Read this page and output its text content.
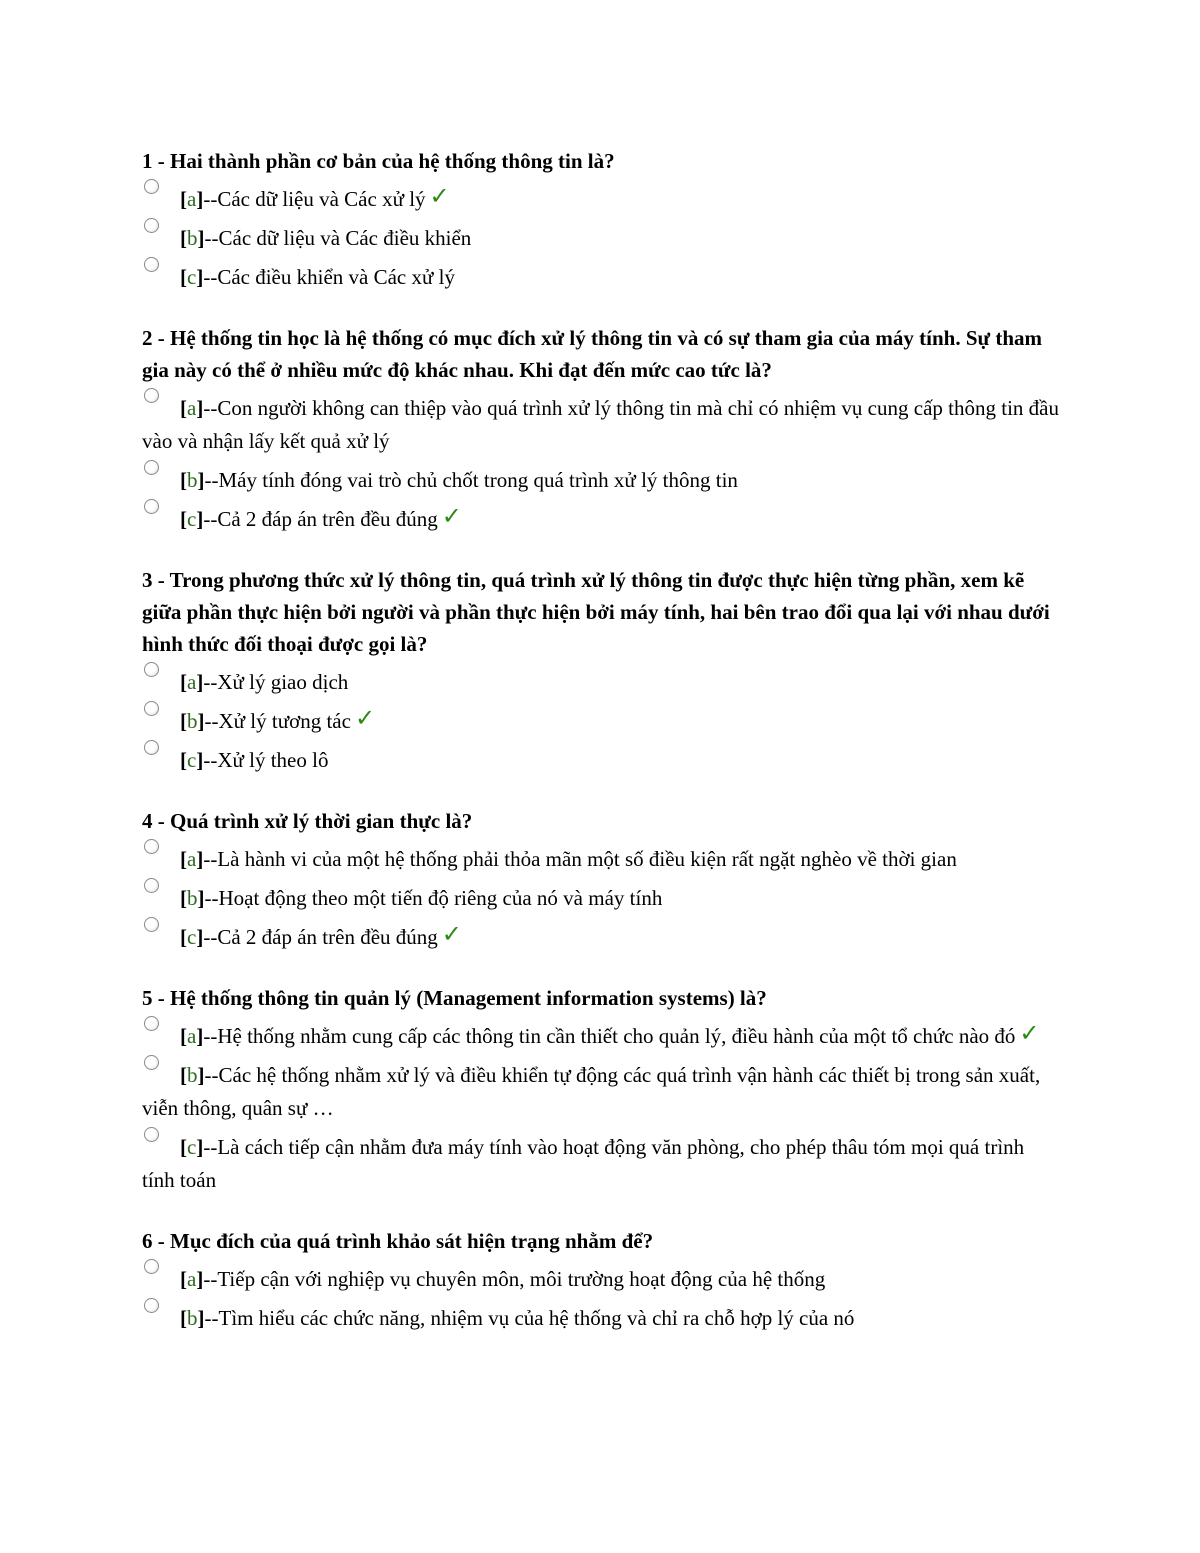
1 - Hai thành phần cơ bản của hệ thống thông tin là?

[a]--Các dữ liệu và Các xử lý ✓
[b]--Các dữ liệu và Các điều khiển
[c]--Các điều khiển và Các xử lý

2 - Hệ thống tin học là hệ thống có mục đích xử lý thông tin và có sự tham gia của máy tính. Sự tham gia này có thể ở nhiều mức độ khác nhau. Khi đạt đến mức cao tức là?

[a]--Con người không can thiệp vào quá trình xử lý thông tin mà chỉ có nhiệm vụ cung cấp thông tin đầu vào và nhận lấy kết quả xử lý
[b]--Máy tính đóng vai trò chủ chốt trong quá trình xử lý thông tin
[c]--Cả 2 đáp án trên đều đúng ✓

3 - Trong phương thức xử lý thông tin, quá trình xử lý thông tin được thực hiện từng phần, xem kẽ giữa phần thực hiện bởi người và phần thực hiện bởi máy tính, hai bên trao đổi qua lại với nhau dưới hình thức đối thoại được gọi là?

[a]--Xử lý giao dịch
[b]--Xử lý tương tác ✓
[c]--Xử lý theo lô

4 - Quá trình xử lý thời gian thực là?

[a]--Là hành vi của một hệ thống phải thỏa mãn một số điều kiện rất ngặt nghèo về thời gian
[b]--Hoạt động theo một tiến độ riêng của nó và máy tính
[c]--Cả 2 đáp án trên đều đúng ✓

5 - Hệ thống thông tin quản lý (Management information systems) là?

[a]--Hệ thống nhằm cung cấp các thông tin cần thiết cho quản lý, điều hành của một tổ chức nào đó ✓
[b]--Các hệ thống nhằm xử lý và điều khiển tự động các quá trình vận hành các thiết bị trong sản xuất, viễn thông, quân sự …
[c]--Là cách tiếp cận nhằm đưa máy tính vào hoạt động văn phòng, cho phép thâu tóm mọi quá trình tính toán

6 - Mục đích của quá trình khảo sát hiện trạng nhằm để?

[a]--Tiếp cận với nghiệp vụ chuyên môn, môi trường hoạt động của hệ thống
[b]--Tìm hiểu các chức năng, nhiệm vụ của hệ thống và chỉ ra chỗ hợp lý của nó
